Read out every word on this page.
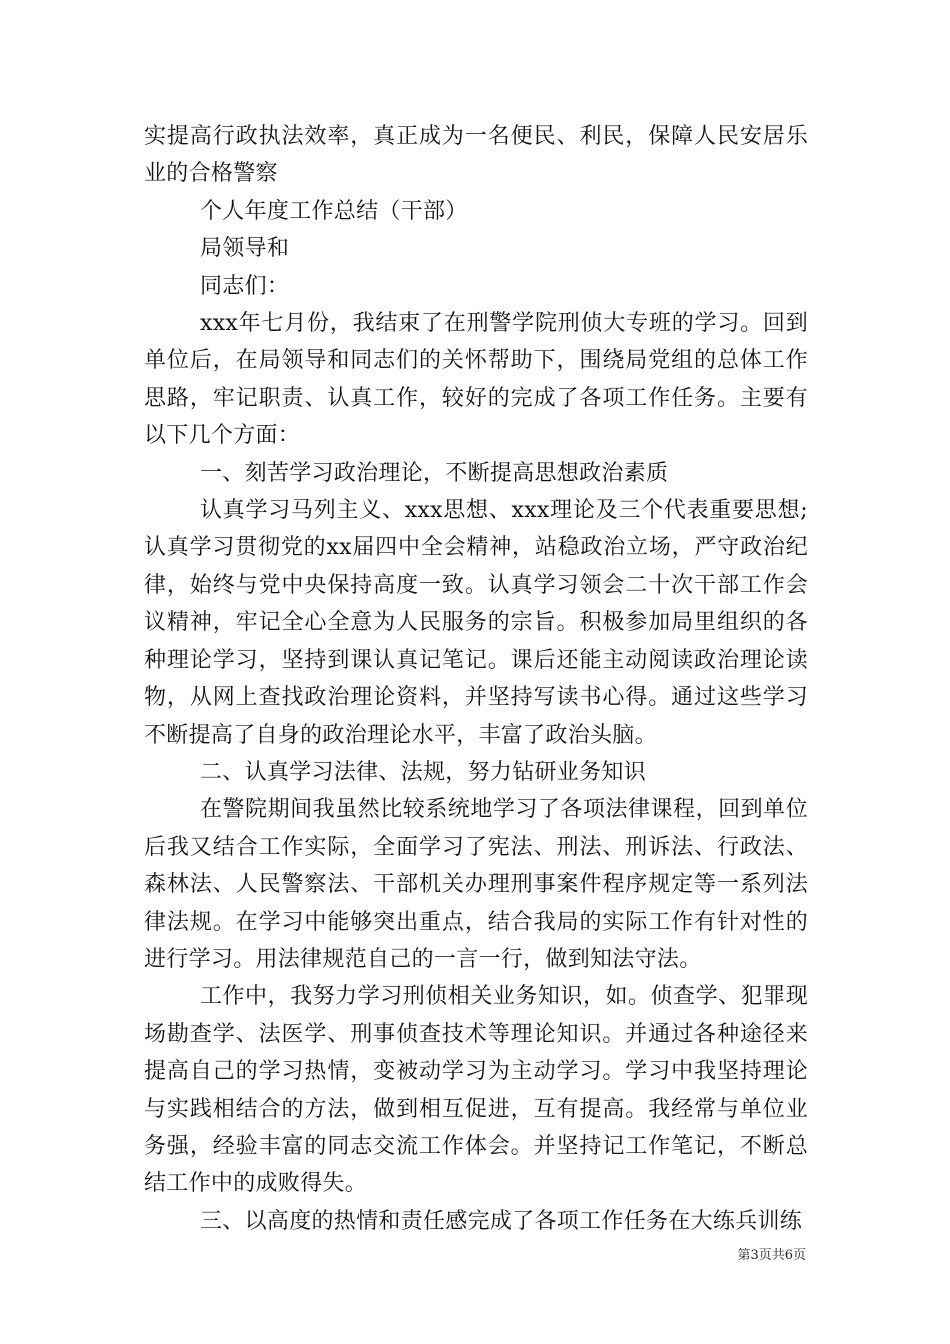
实提高行政执法效率，真正成为一名便民、利民，保障人民安居乐业的合格警察

个人年度工作总结（干部）

局领导和

同志们：

xxx年七月份，我结束了在刑警学院刑侦大专班的学习。回到单位后，在局领导和同志们的关怀帮助下，围绕局党组的总体工作思路，牢记职责、认真工作，较好的完成了各项工作任务。主要有以下几个方面：

一、刻苦学习政治理论，不断提高思想政治素质

认真学习马列主义、xxx思想、xxx理论及三个代表重要思想;认真学习贯彻党的xx届四中全会精神，站稳政治立场，严守政治纪律，始终与党中央保持高度一致。认真学习领会二十次干部工作会议精神，牢记全心全意为人民服务的宗旨。积极参加局里组织的各种理论学习，坚持到课认真记笔记。课后还能主动阅读政治理论读物，从网上查找政治理论资料，并坚持写读书心得。通过这些学习不断提高了自身的政治理论水平，丰富了政治头脑。

二、认真学习法律、法规，努力钻研业务知识

在警院期间我虽然比较系统地学习了各项法律课程，回到单位后我又结合工作实际，全面学习了宪法、刑法、刑诉法、行政法、森林法、人民警察法、干部机关办理刑事案件程序规定等一系列法律法规。在学习中能够突出重点，结合我局的实际工作有针对性的进行学习。用法律规范自己的一言一行，做到知法守法。

工作中，我努力学习刑侦相关业务知识，如。侦查学、犯罪现场勘查学、法医学、刑事侦查技术等理论知识。并通过各种途径来提高自己的学习热情，变被动学习为主动学习。学习中我坚持理论与实践相结合的方法，做到相互促进，互有提高。我经常与单位业务强，经验丰富的同志交流工作体会。并坚持记工作笔记，不断总结工作中的成败得失。

三、以高度的热情和责任感完成了各项工作任务在大练兵训练

第3页共6页
